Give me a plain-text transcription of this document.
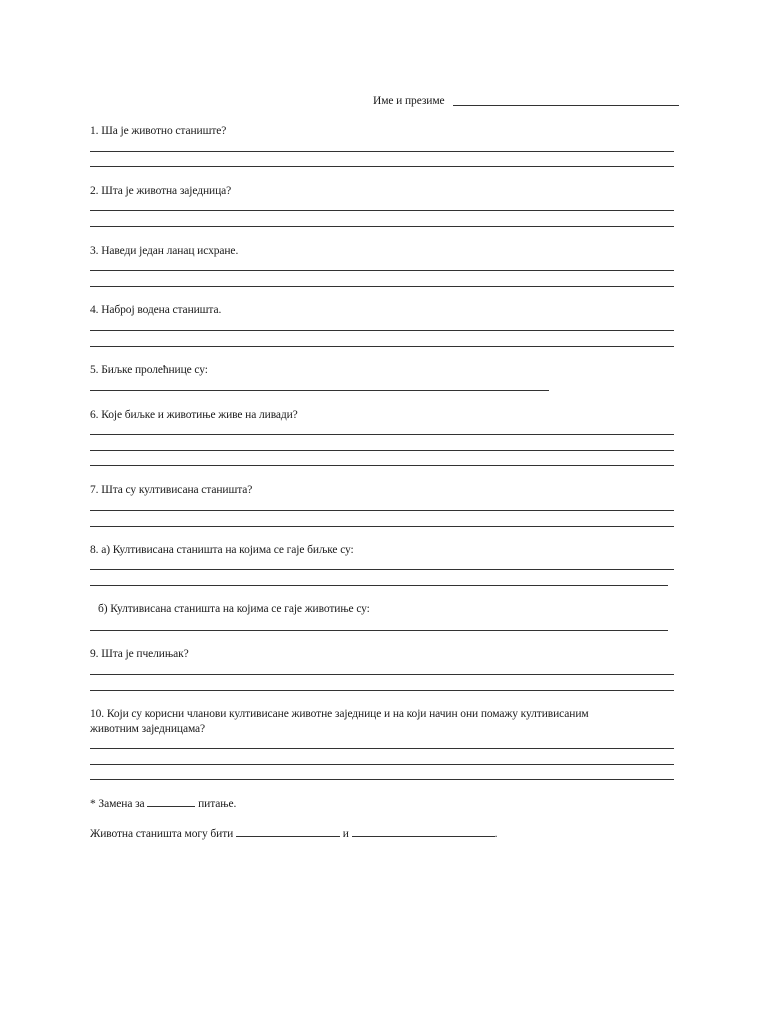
Име и презиме
1. Ша је животно станиште?
2. Шта је животна заједница?
3. Наведи један ланац исхране.
4. Наброј водена станишта.
5. Биљке пролећнице су:
6. Које биљке и животиње живе на ливади?
7. Шта су култивисана станишта?
8. а) Култивисана станишта на којима се гаје биљке су:
б) Култивисана станишта на којима се гаје животиње су:
9. Шта је пчелињак?
10. Који су корисни чланови култивисане животне заједнице и на који начин они помажу култивисаним
животним заједницама?
* Замена за	питање.
Животна станишта могу бити	и	.
